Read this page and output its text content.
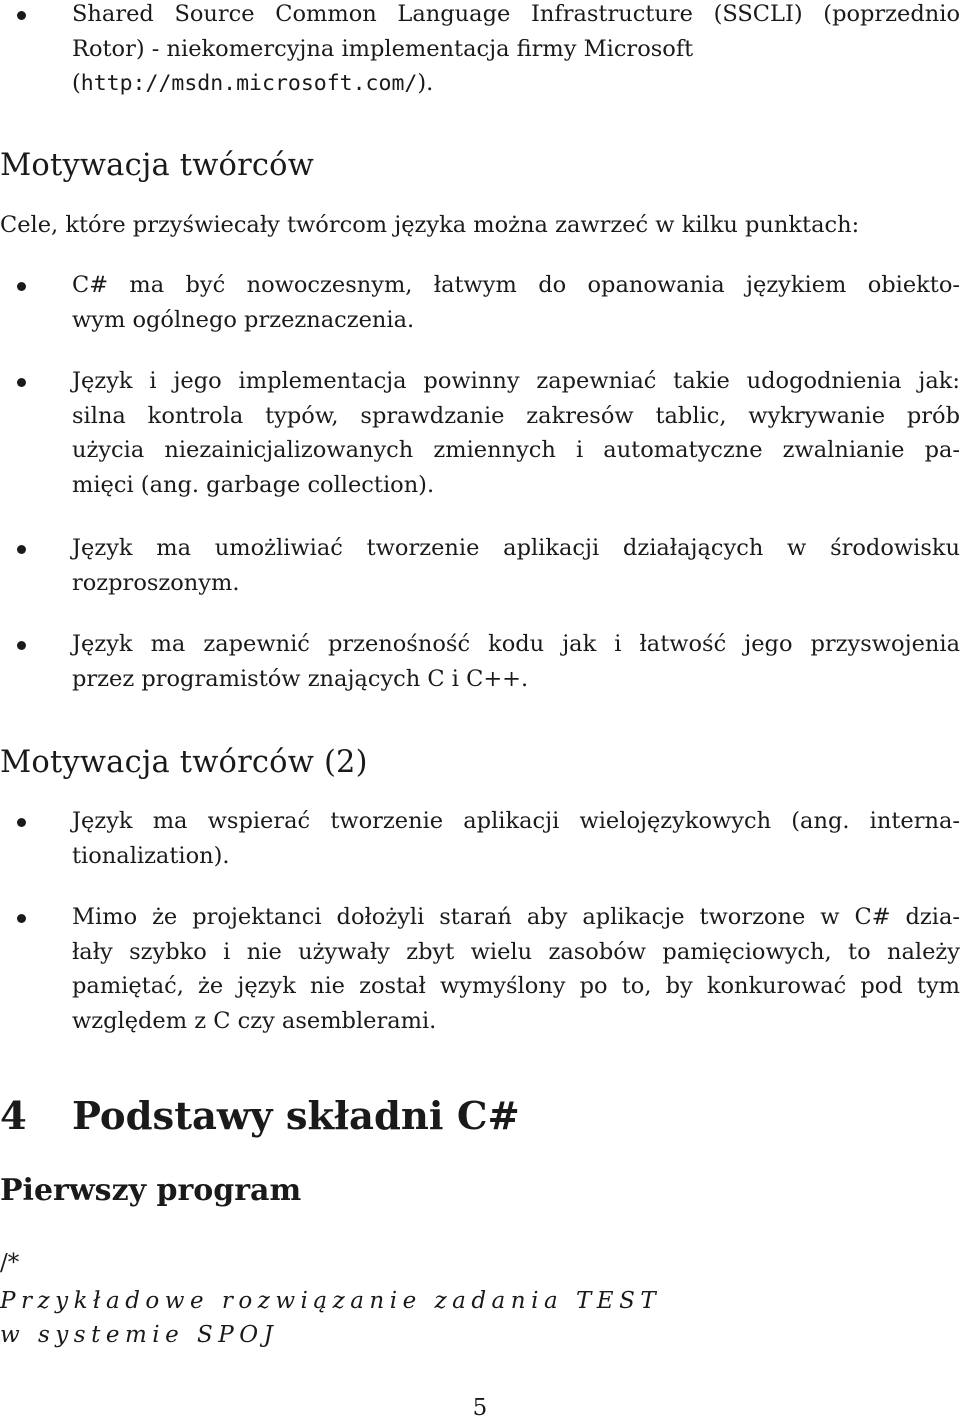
Shared Source Common Language Infrastructure (SSCLI) (poprzednio
Rotor) - niekomercyjna implementacja firmy Microsoft
(http://msdn.microsoft.com/).
Motywacja twórców
Cele, które przyświecały twórcom języka można zawrzeć w kilku punktach:
C# ma być nowoczesnym, łatwym do opanowania językiem obiekto-
wym ogólnego przeznaczenia.
Język i jego implementacja powinny zapewniać takie udogodnienia jak:
silna kontrola typów, sprawdzanie zakresów tablic, wykrywanie prób
użycia niezainicjalizowanych zmiennych i automatyczne zwalnianie pa-
mięci (ang. garbage collection).
Język ma umożliwiać tworzenie aplikacji działających w środowisku
rozproszonym.
Język ma zapewnić przenośność kodu jak i łatwość jego przyswojenia
przez programistów znających C i C++.
Motywacja twórców (2)
Język ma wspierać tworzenie aplikacji wielojęzykowych (ang. interna-
tionalization).
Mimo że projektanci dołożyli starań aby aplikacje tworzone w C# dzia-
łały szybko i nie używały zbyt wielu zasobów pamięciowych, to należy
pamiętać, że język nie został wymyślony po to, by konkurować pod tym
względem z C czy asemblerami.
4 Podstawy składni C#
Pierwszy program
/*
Przykładowe rozwiązanie zadania TEST
w systemie SPOJ
5
